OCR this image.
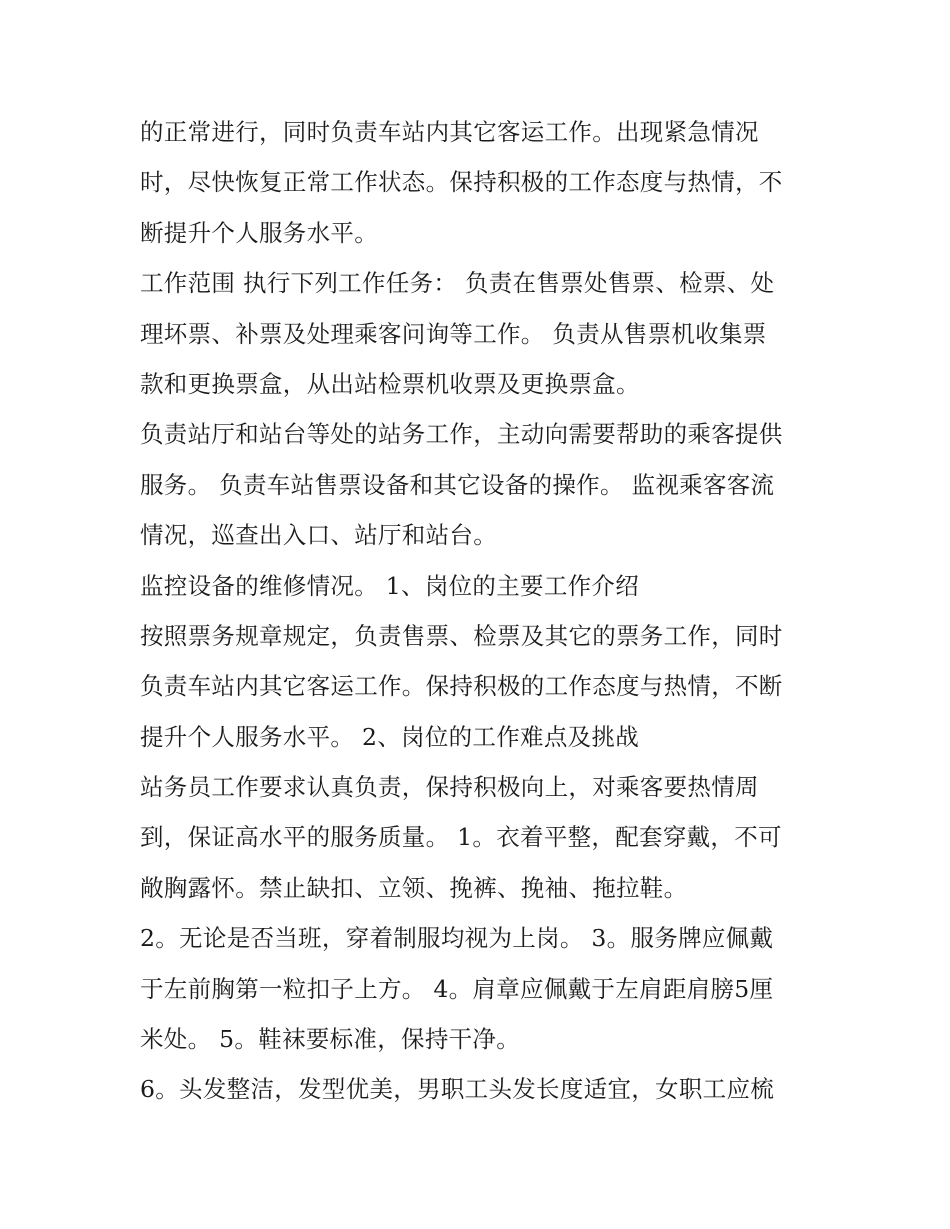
的正常进行，同时负责车站内其它客运工作。出现紧急情况
时，尽快恢复正常工作状态。保持积极的工作态度与热情，不
断提升个人服务水平。
工作范围 执行下列工作任务： 负责在售票处售票、检票、处
理坏票、补票及处理乘客问询等工作。 负责从售票机收集票
款和更换票盒，从出站检票机收票及更换票盒。
负责站厅和站台等处的站务工作，主动向需要帮助的乘客提供
服务。 负责车站售票设备和其它设备的操作。 监视乘客客流
情况，巡查出入口、站厅和站台。
监控设备的维修情况。 1、岗位的主要工作介绍
按照票务规章规定，负责售票、检票及其它的票务工作，同时
负责车站内其它客运工作。保持积极的工作态度与热情，不断
提升个人服务水平。 2、岗位的工作难点及挑战
站务员工作要求认真负责，保持积极向上，对乘客要热情周
到，保证高水平的服务质量。 1。衣着平整，配套穿戴，不可
敞胸露怀。禁止缺扣、立领、挽裤、挽袖、拖拉鞋。
2。无论是否当班，穿着制服均视为上岗。 3。服务牌应佩戴
于左前胸第一粒扣子上方。 4。肩章应佩戴于左肩距肩膀5厘
米处。 5。鞋袜要标准，保持干净。
6。头发整洁，发型优美，男职工头发长度适宜，女职工应梳
